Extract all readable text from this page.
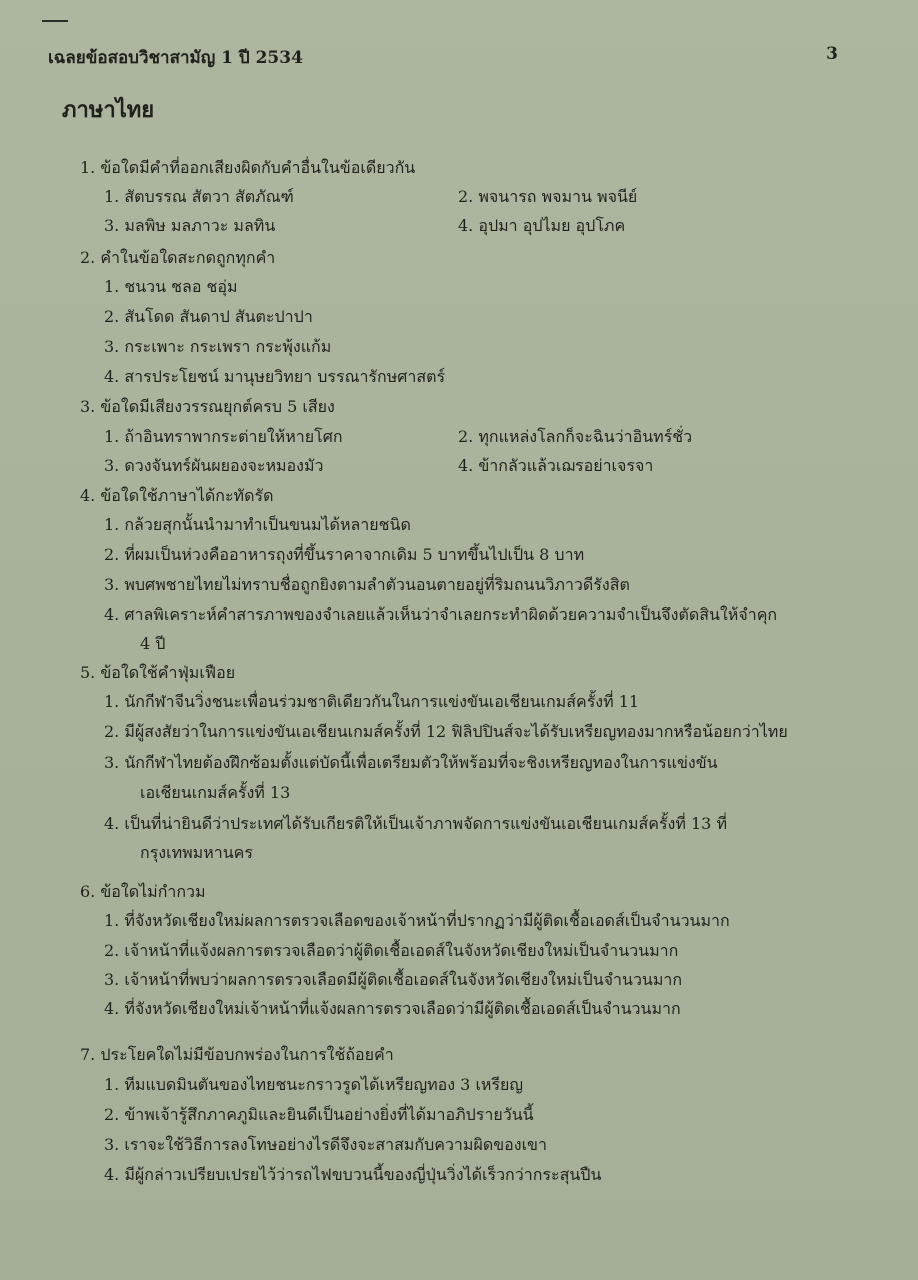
เฉลยข้อสอบวิชาสามัญ 1 ปี 2534	3
ภาษาไทย
1. ข้อใดมีคำที่ออกเสียงผิดกับคำอื่นในข้อเดียวกัน
1. สัตบรรณ สัตวา สัตภัณฑ์	2. พจนารถ พจมาน พจนีย์
3. มลพิษ มลภาวะ มลทิน	4. อุปมา อุปไมย อุปโภค
2. คำในข้อใดสะกดถูกทุกคำ
1. ชนวน ชลอ ชอุ่ม
2. สันโดด สันดาป สันตะปาปา
3. กระเพาะ กระเพรา กระพุ้งแก้ม
4. สารประโยชน์ มานุษยวิทยา บรรณารักษศาสตร์
3. ข้อใดมีเสียงวรรณยุกต์ครบ 5 เสียง
1. ถ้าอินทราพากระต่ายให้หายโศก	2. ทุกแหล่งโลกก็จะฉินว่าอินทร์ชั่ว
3. ดวงจันทร์ผันผยองจะหมองมัว	4. ข้ากลัวแล้วเฌรอย่าเจรจา
4. ข้อใดใช้ภาษาได้กะทัดรัด
1. กล้วยสุกนั้นนำมาทำเป็นขนมได้หลายชนิด
2. ที่ผมเป็นห่วงคืออาหารถุงที่ขึ้นราคาจากเดิม 5 บาทขึ้นไปเป็น 8 บาท
3. พบศพชายไทยไม่ทราบชื่อถูกยิงตามลำตัวนอนตายอยู่ที่ริมถนนวิภาวดีรังสิต
4. ศาลพิเคราะห์คำสารภาพของจำเลยแล้วเห็นว่าจำเลยกระทำผิดด้วยความจำเป็นจึงตัดสินให้จำคุก
4 ปี
5. ข้อใดใช้คำฟุ่มเฟือย
1. นักกีฬาจีนวิ่งชนะเพื่อนร่วมชาติเดียวกันในการแข่งขันเอเชียนเกมส์ครั้งที่ 11
2. มีผู้สงสัยว่าในการแข่งขันเอเชียนเกมส์ครั้งที่ 12 ฟิลิปปินส์จะได้รับเหรียญทองมากหรือน้อยกว่าไทย
3. นักกีฬาไทยต้องฝึกซ้อมตั้งแต่บัดนี้เพื่อเตรียมตัวให้พร้อมที่จะชิงเหรียญทองในการแข่งขัน
เอเชียนเกมส์ครั้งที่ 13
4. เป็นที่น่ายินดีว่าประเทศได้รับเกียรติให้เป็นเจ้าภาพจัดการแข่งขันเอเชียนเกมส์ครั้งที่ 13 ที่
กรุงเทพมหานคร
6. ข้อใดไม่กำกวม
1. ที่จังหวัดเชียงใหม่ผลการตรวจเลือดของเจ้าหน้าที่ปรากฏว่ามีผู้ติดเชื้อเอดส์เป็นจำนวนมาก
2. เจ้าหน้าที่แจ้งผลการตรวจเลือดว่าผู้ติดเชื้อเอดส์ในจังหวัดเชียงใหม่เป็นจำนวนมาก
3. เจ้าหน้าที่พบว่าผลการตรวจเลือดมีผู้ติดเชื้อเอดส์ในจังหวัดเชียงใหม่เป็นจำนวนมาก
4. ที่จังหวัดเชียงใหม่เจ้าหน้าที่แจ้งผลการตรวจเลือดว่ามีผู้ติดเชื้อเอดส์เป็นจำนวนมาก
7. ประโยคใดไม่มีข้อบกพร่องในการใช้ถ้อยคำ
1. ทีมแบดมินตันของไทยชนะกราวรูดได้เหรียญทอง 3 เหรียญ
2. ข้าพเจ้ารู้สึกภาคภูมิและยินดีเป็นอย่างยิ่งที่ได้มาอภิปรายวันนี้
3. เราจะใช้วิธีการลงโทษอย่างไรดีจึงจะสาสมกับความผิดของเขา
4. มีผู้กล่าวเปรียบเปรยไว้ว่ารถไฟขบวนนี้ของญี่ปุ่นวิ่งได้เร็วกว่ากระสุนปืน
